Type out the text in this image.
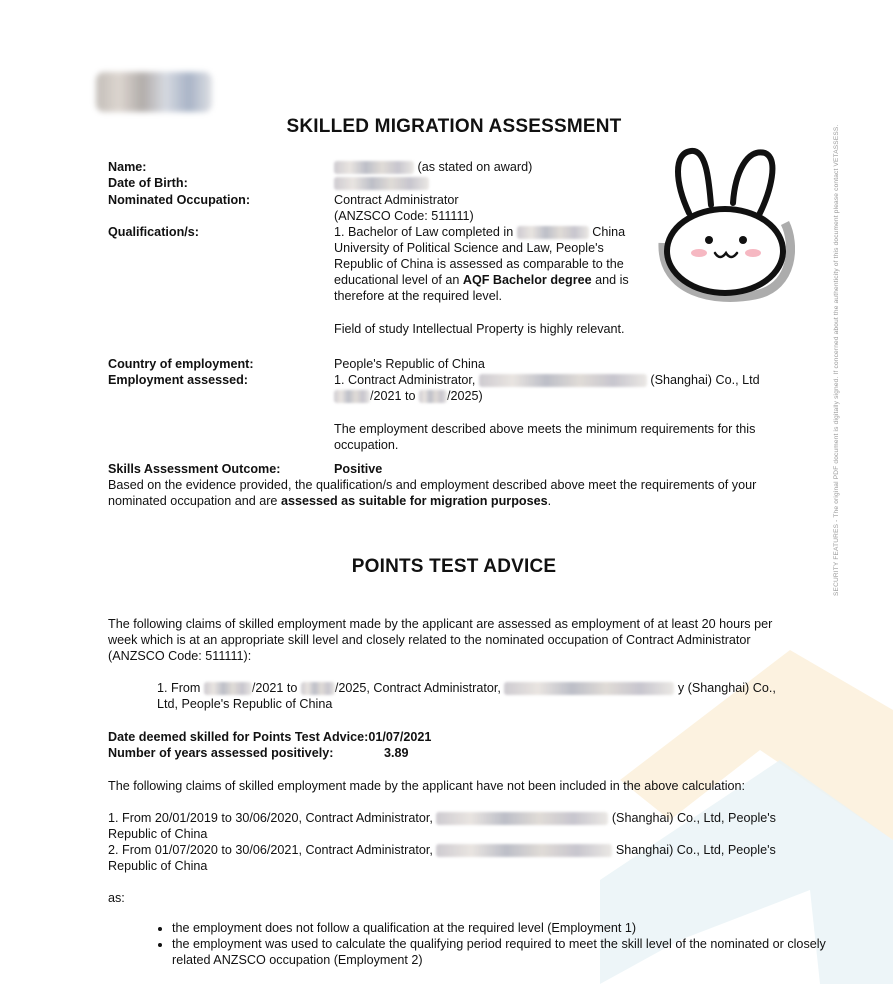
SECURITY FEATURES - The original PDF document is digitally signed. If concerned about the authenticity of this document please contact VETASSESS.
SKILLED MIGRATION ASSESSMENT
Name:	(as stated on award)
Date of Birth:
Nominated Occupation:	Contract Administrator
(ANZSCO Code: 511111)
Qualification/s:	1. Bachelor of Law completed in	China University of Political Science and Law, People's Republic of China is assessed as comparable to the educational level of an AQF Bachelor degree and is therefore at the required level.
Field of study Intellectual Property is highly relevant.
Country of employment:	People's Republic of China
Employment assessed:	1. Contract Administrator,	(Shanghai) Co., Ltd
/2021 to	/2025)
The employment described above meets the minimum requirements for this occupation.
Skills Assessment Outcome:	Positive
Based on the evidence provided, the qualification/s and employment described above meet the requirements of your nominated occupation and are assessed as suitable for migration purposes.
POINTS TEST ADVICE
The following claims of skilled employment made by the applicant are assessed as employment of at least 20 hours per week which is at an appropriate skill level and closely related to the nominated occupation of Contract Administrator (ANZSCO Code: 511111):
1. From	/2021 to	/2025, Contract Administrator,	y (Shanghai) Co., Ltd, People's Republic of China
Date deemed skilled for Points Test Advice:01/07/2021
Number of years assessed positively:	3.89
The following claims of skilled employment made by the applicant have not been included in the above calculation:
1. From 20/01/2019 to 30/06/2020, Contract Administrator,	(Shanghai) Co., Ltd, People's Republic of China
2. From 01/07/2020 to 30/06/2021, Contract Administrator,	Shanghai) Co., Ltd, People's Republic of China
as:
• the employment does not follow a qualification at the required level (Employment 1)
• the employment was used to calculate the qualifying period required to meet the skill level of the nominated or closely related ANZSCO occupation (Employment 2)
